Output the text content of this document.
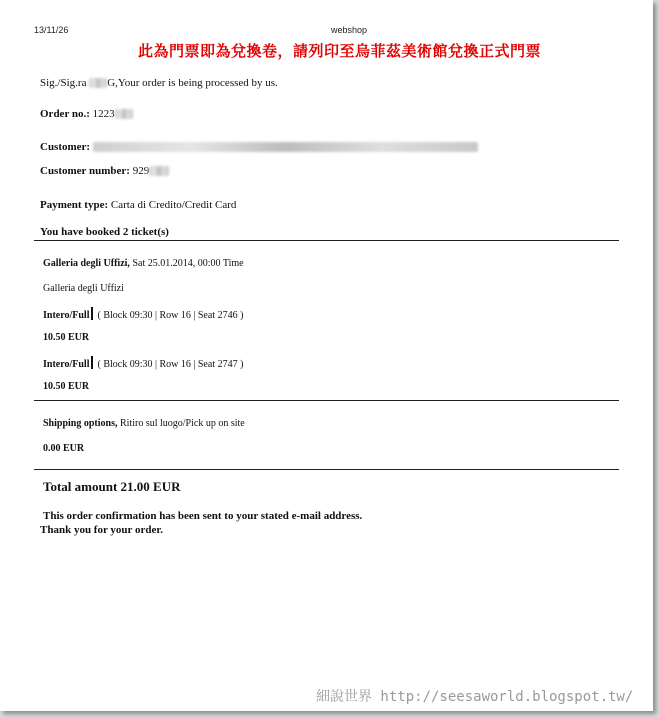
13/11/26	webshop
此為門票即為兌換卷，請列印至烏菲茲美術館兌換正式門票
Sig./Sig.ra G,Your order is being processed by us.
Order no.: 1223
Customer:
Customer number: 929
Payment type: Carta di Credito/Credit Card
You have booked 2 ticket(s)
Galleria degli Uffizi, Sat 25.01.2014, 00:00 Time
Galleria degli Uffizi
Intero/Full ( Block 09:30 | Row 16 | Seat 2746 )
10.50 EUR
Intero/Full ( Block 09:30 | Row 16 | Seat 2747 )
10.50 EUR
Shipping options, Ritiro sul luogo/Pick up on site
0.00 EUR
Total amount 21.00 EUR
This order confirmation has been sent to your stated e-mail address.
Thank you for your order.
細說世界 http://seesaworld.blogspot.tw/
